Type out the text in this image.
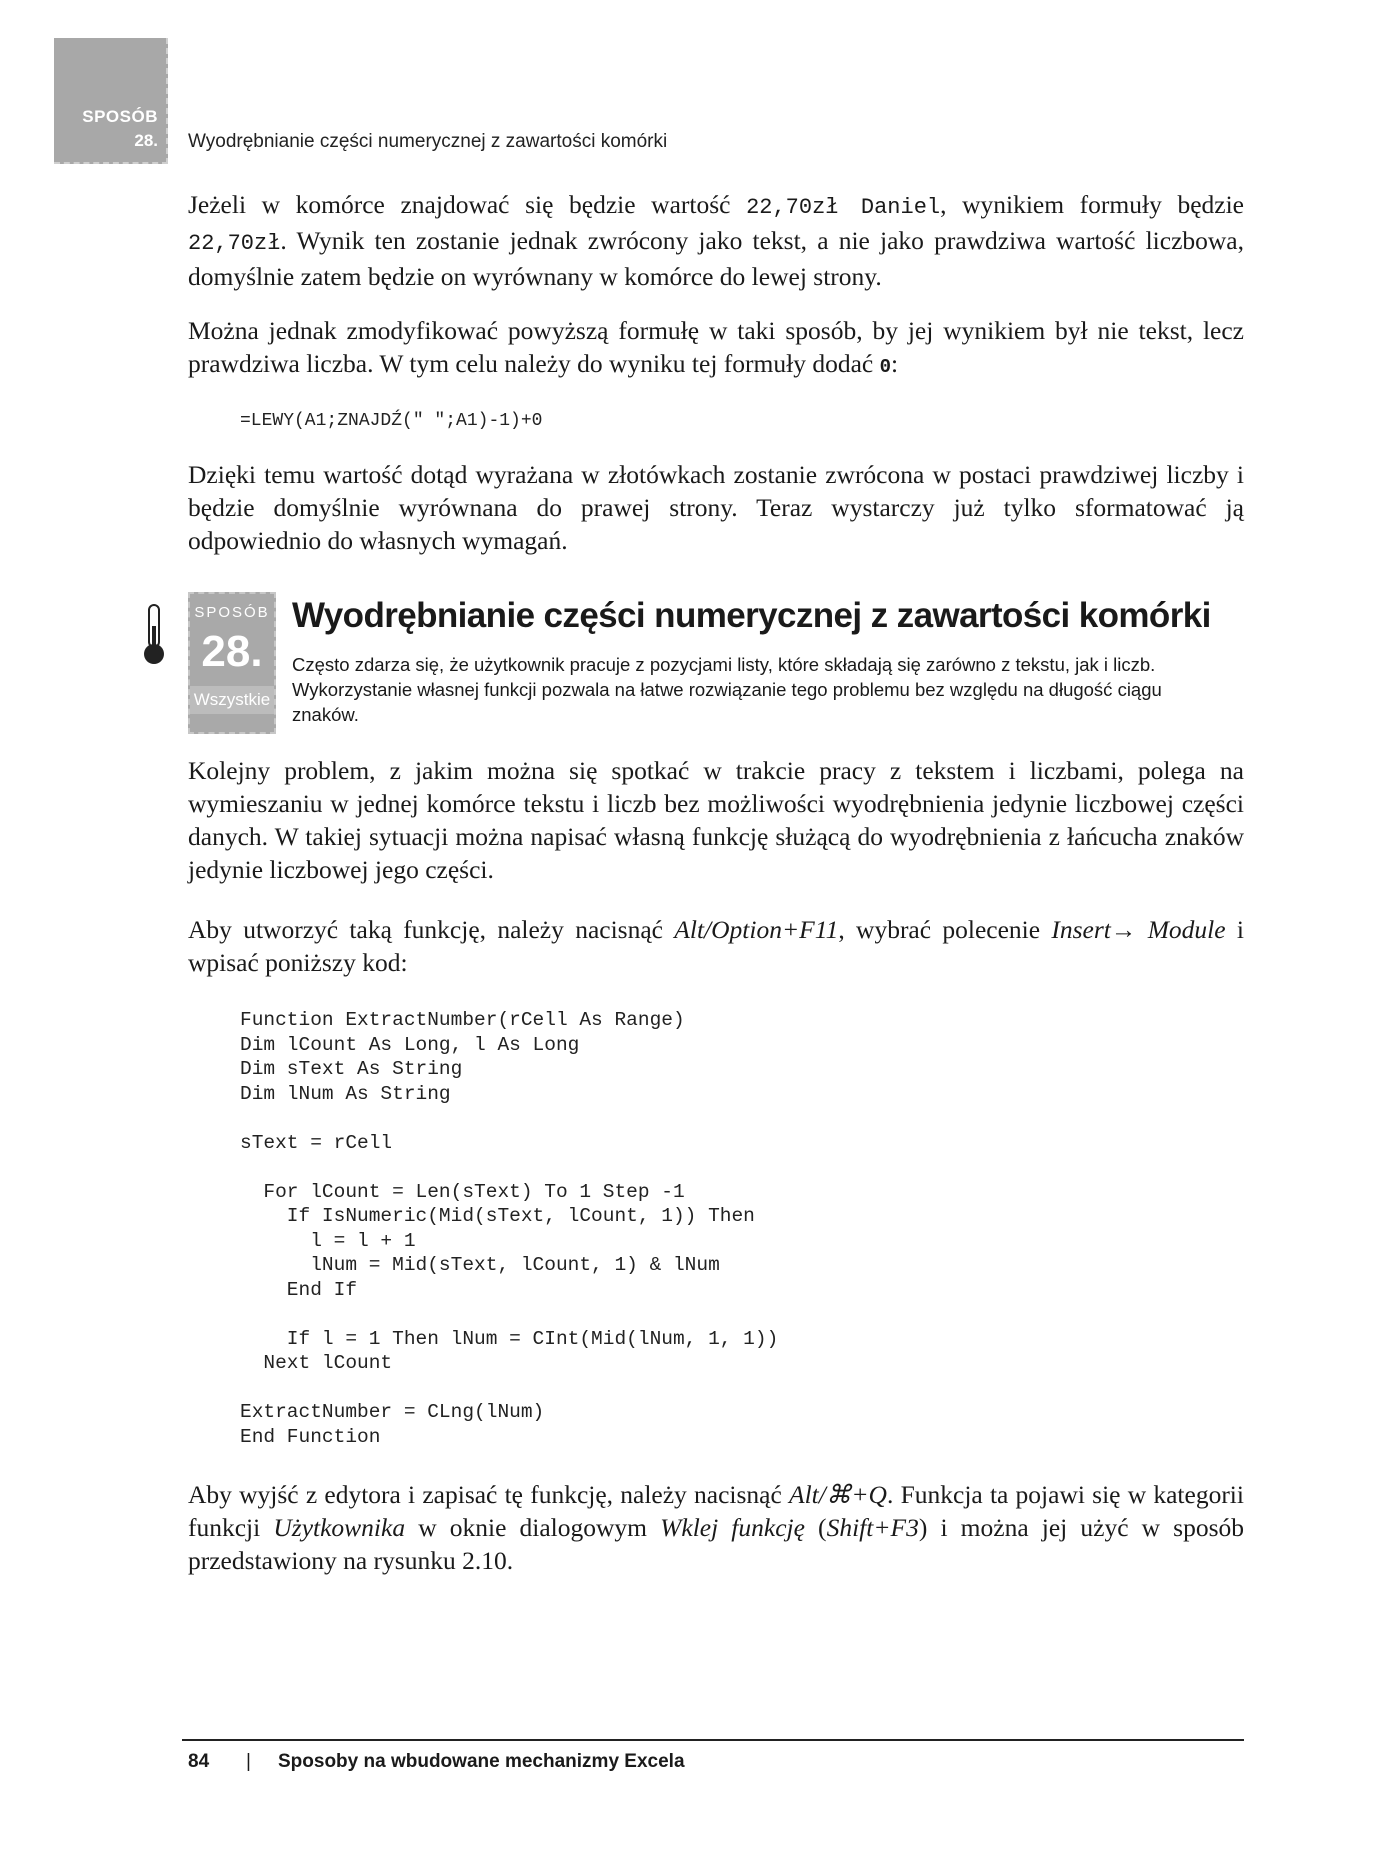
SPOSÓB
28. Wyodrębnianie części numerycznej z zawartości komórki

Jeżeli w komórce znajdować się będzie wartość 22,70zł Daniel, wynikiem formuły będzie 22,70zł. Wynik ten zostanie jednak zwrócony jako tekst, a nie jako prawdziwa wartość liczbowa, domyślnie zatem będzie on wyrównany w komórce do lewej strony.

Można jednak zmodyfikować powyższą formułę w taki sposób, by jej wynikiem był nie tekst, lecz prawdziwa liczba. W tym celu należy do wyniku tej formuły dodać 0:

=LEWY(A1;ZNAJDŹ(" ";A1)-1)+0

Dzięki temu wartość dotąd wyrażana w złotówkach zostanie zwrócona w postaci prawdziwej liczby i będzie domyślnie wyrównana do prawej strony. Teraz wystarczy już tylko sformatować ją odpowiednio do własnych wymagań.

SPOSÓB
28.
Wszystkie
Wyodrębnianie części numerycznej z zawartości komórki

Często zdarza się, że użytkownik pracuje z pozycjami listy, które składają się zarówno z tekstu, jak i liczb. Wykorzystanie własnej funkcji pozwala na łatwe rozwiązanie tego problemu bez względu na długość ciągu znaków.

Kolejny problem, z jakim można się spotkać w trakcie pracy z tekstem i liczbami, polega na wymieszaniu w jednej komórce tekstu i liczb bez możliwości wyodrębnienia jedynie liczbowej części danych. W takiej sytuacji można napisać własną funkcję służącą do wyodrębnienia z łańcucha znaków jedynie liczbowej jego części.

Aby utworzyć taką funkcję, należy nacisnąć Alt/Option+F11, wybrać polecenie Insert→ Module i wpisać poniższy kod:

Function ExtractNumber(rCell As Range)
Dim lCount As Long, l As Long
Dim sText As String
Dim lNum As String
sText = rCell
For lCount = Len(sText) To 1 Step -1
If IsNumeric(Mid(sText, lCount, 1)) Then
l = l + 1
lNum = Mid(sText, lCount, 1) & lNum
End If
If l = 1 Then lNum = CInt(Mid(lNum, 1, 1))
Next lCount
ExtractNumber = CLng(lNum)
End Function

Aby wyjść z edytora i zapisać tę funkcję, należy nacisnąć Alt/⌘+Q. Funkcja ta pojawi się w kategorii funkcji Użytkownika w oknie dialogowym Wklej funkcję (Shift+F3) i można jej użyć w sposób przedstawiony na rysunku 2.10.

84 | Sposoby na wbudowane mechanizmy Excela
